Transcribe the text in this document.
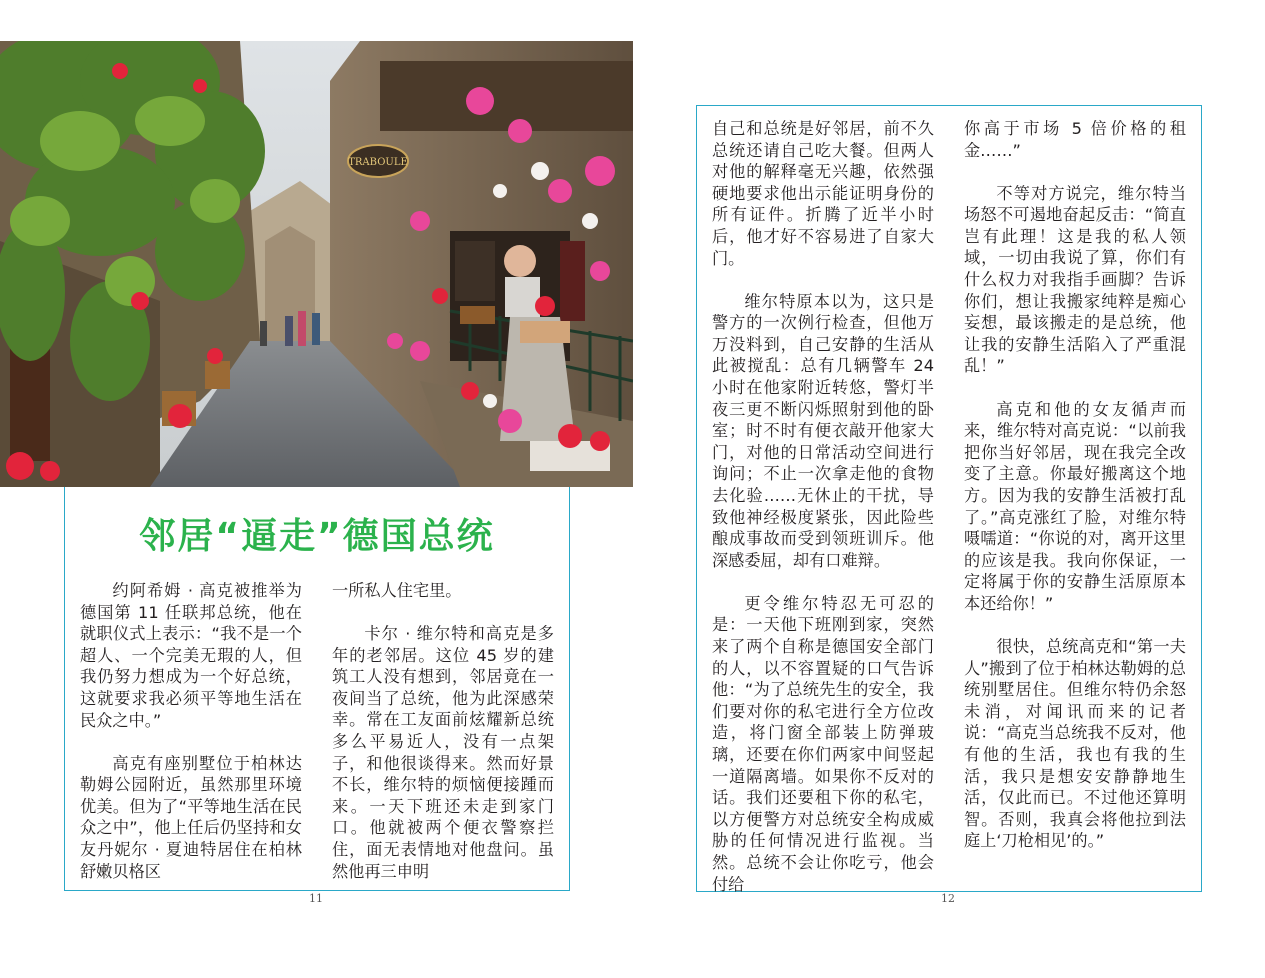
TRABOULE
邻居“逼走”德国总统

约阿希姆 · 高克被推举为德国第 11 任联邦总统，他在就职仪式上表示：“我不是一个超人、一个完美无瑕的人，但我仍努力想成为一个好总统，这就要求我必须平等地生活在民众之中。”

高克有座别墅位于柏林达勒姆公园附近，虽然那里环境优美。但为了“平等地生活在民众之中”，他上任后仍坚持和女友丹妮尔 · 夏迪特居住在柏林舒嫩贝格区

一所私人住宅里。

卡尔 · 维尔特和高克是多年的老邻居。这位 45 岁的建筑工人没有想到，邻居竟在一夜间当了总统，他为此深感荣幸。常在工友面前炫耀新总统多么平易近人，没有一点架子，和他很谈得来。然而好景不长，维尔特的烦恼便接踵而来。一天下班还未走到家门口。他就被两个便衣警察拦住，面无表情地对他盘问。虽然他再三申明

自己和总统是好邻居，前不久总统还请自己吃大餐。但两人对他的解释毫无兴趣，依然强硬地要求他出示能证明身份的所有证件。折腾了近半小时后，他才好不容易进了自家大门。

维尔特原本以为，这只是警方的一次例行检查，但他万万没料到，自己安静的生活从此被搅乱：总有几辆警车 24 小时在他家附近转悠，警灯半夜三更不断闪烁照射到他的卧室；时不时有便衣敲开他家大门，对他的日常活动空间进行询问；不止一次拿走他的食物去化验……无休止的干扰，导致他神经极度紧张，因此险些酿成事故而受到领班训斥。他深感委屈，却有口难辩。

更令维尔特忍无可忍的是：一天他下班刚到家，突然来了两个自称是德国安全部门的人，以不容置疑的口气告诉他：“为了总统先生的安全，我们要对你的私宅进行全方位改造，将门窗全部装上防弹玻璃，还要在你们两家中间竖起一道隔离墙。如果你不反对的话。我们还要租下你的私宅，以方便警方对总统安全构成威胁的任何情况进行监视。当然。总统不会让你吃亏，他会付给

你高于市场 5 倍价格的租金……”

不等对方说完，维尔特当场怒不可遏地奋起反击：“简直岂有此理！这是我的私人领域，一切由我说了算，你们有什么权力对我指手画脚？告诉你们，想让我搬家纯粹是痴心妄想，最该搬走的是总统，他让我的安静生活陷入了严重混乱！”

高克和他的女友循声而来，维尔特对高克说：“以前我把你当好邻居，现在我完全改变了主意。你最好搬离这个地方。因为我的安静生活被打乱了。”高克涨红了脸，对维尔特嗫嚅道：“你说的对，离开这里的应该是我。我向你保证，一定将属于你的安静生活原原本本还给你！”

很快，总统高克和“第一夫人”搬到了位于柏林达勒姆的总统别墅居住。但维尔特仍余怒未消，对闻讯而来的记者说：“高克当总统我不反对，他有他的生活，我也有我的生活，我只是想安安静静地生活，仅此而已。不过他还算明智。否则，我真会将他拉到法庭上‘刀枪相见’的。”

11	12
